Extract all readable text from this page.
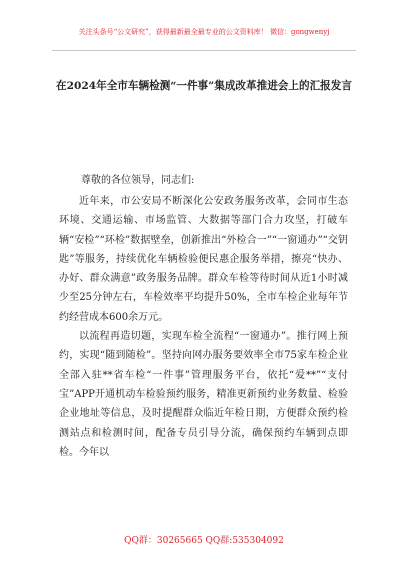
关注头条号“公文研究”，获得最新最全最专业的公文资料库！ 微信：gongwenyj
在2024年全市车辆检测“一件事”集成改革推进会上的汇报发言
尊敬的各位领导，同志们:

近年来，市公安局不断深化公安政务服务改革，会同市生态环境、交通运输、市场监管、大数据等部门合力攻坚，打破车辆“安检”“环检”数据壁垒，创新推出“外检合一”“一窗通办”“交钥匙”等服务，持续优化车辆检验便民惠企服务举措，擦亮“快办、办好、群众满意”政务服务品牌。群众车检等待时间从近1小时减少至25分钟左右，车检效率平均提升50%，全市车检企业每年节约经营成本600余万元。

以流程再造切题，实现车检全流程“一窗通办”。推行网上预约，实现“随到随检”。坚持向网办服务要效率全市75家车检企业全部入驻**省车检“一件事”管理服务平台，依托“爱**”“支付宝”APP开通机动车检验预约服务，精准更新预约业务数量、检验企业地址等信息，及时提醒群众临近年检日期，方便群众预约检测站点和检测时间，配备专员引导分流，确保预约车辆到点即检。今年以

QQ群：30265665 QQ群:535304092
